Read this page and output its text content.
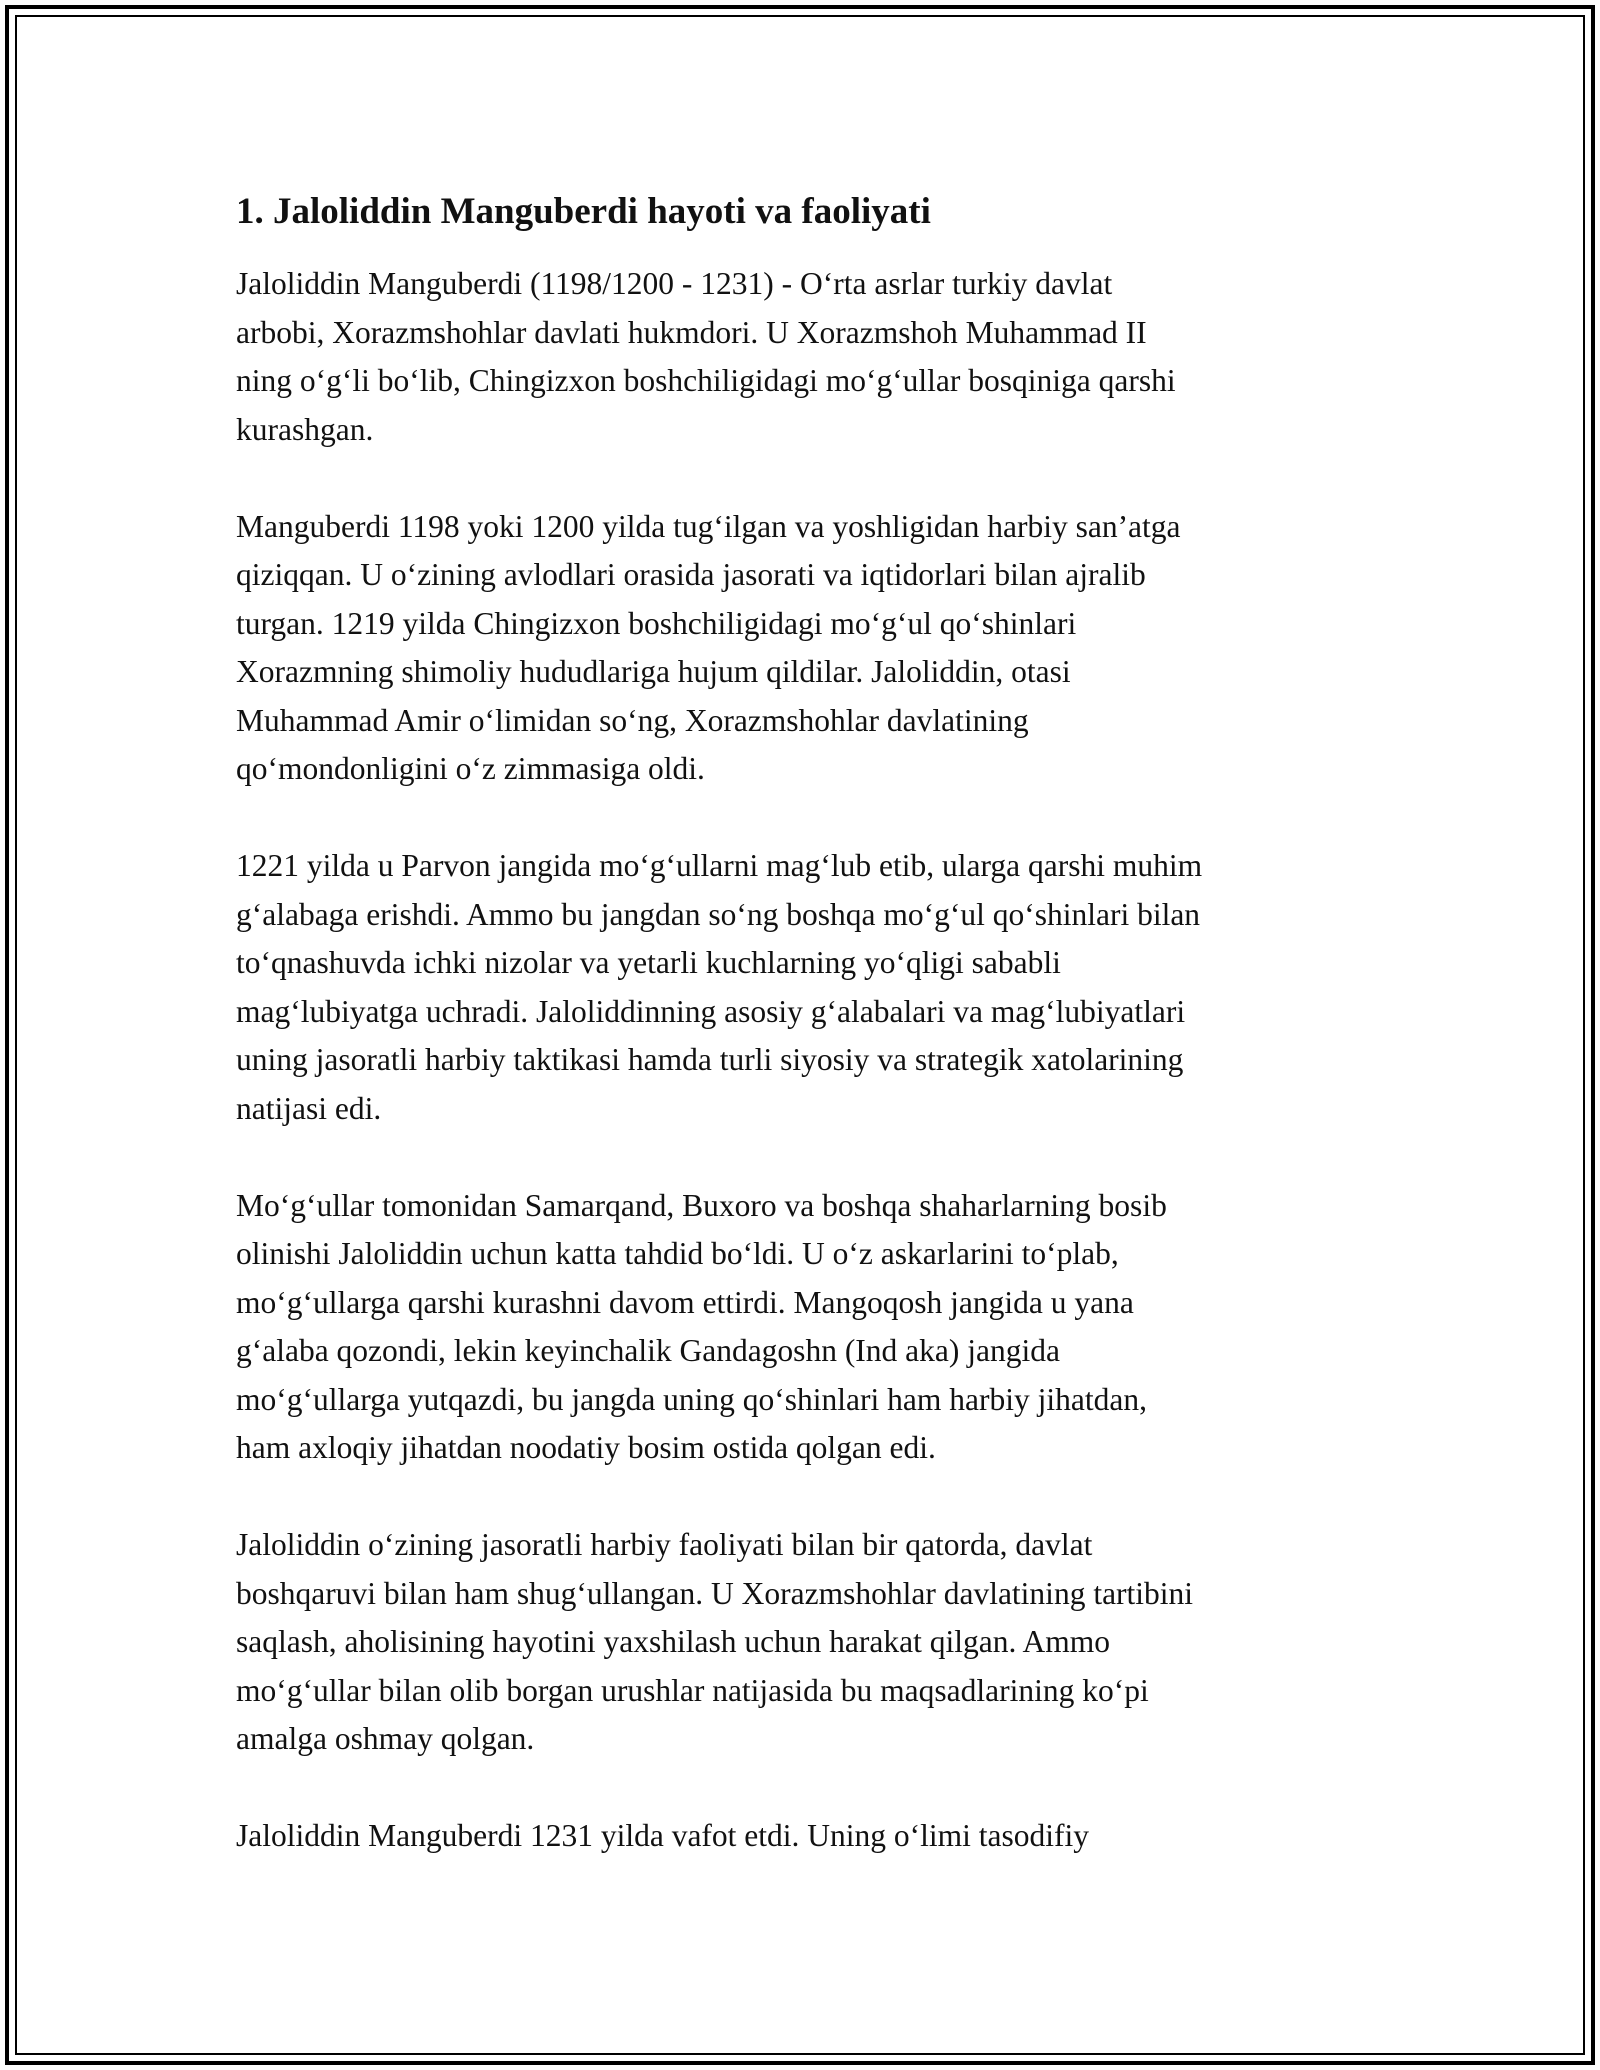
1. Jaloliddin Manguberdi hayoti va faoliyati

Jaloliddin Manguberdi (1198/1200 - 1231) - O‘rta asrlar turkiy davlat
arbobi, Xorazmshohlar davlati hukmdori. U Xorazmshoh Muhammad II
ning o‘g‘li bo‘lib, Chingizxon boshchiligidagi mo‘g‘ullar bosqiniga qarshi
kurashgan.

Manguberdi 1198 yoki 1200 yilda tug‘ilgan va yoshligidan harbiy san’atga
qiziqqan. U o‘zining avlodlari orasida jasorati va iqtidorlari bilan ajralib
turgan. 1219 yilda Chingizxon boshchiligidagi mo‘g‘ul qo‘shinlari
Xorazmning shimoliy hududlariga hujum qildilar. Jaloliddin, otasi
Muhammad Amir o‘limidan so‘ng, Xorazmshohlar davlatining
qo‘mondonligini o‘z zimmasiga oldi.

1221 yilda u Parvon jangida mo‘g‘ullarni mag‘lub etib, ularga qarshi muhim
g‘alabaga erishdi. Ammo bu jangdan so‘ng boshqa mo‘g‘ul qo‘shinlari bilan
to‘qnashuvda ichki nizolar va yetarli kuchlarning yo‘qligi sababli
mag‘lubiyatga uchradi. Jaloliddinning asosiy g‘alabalari va mag‘lubiyatlari
uning jasoratli harbiy taktikasi hamda turli siyosiy va strategik xatolarining
natijasi edi.

Mo‘g‘ullar tomonidan Samarqand, Buxoro va boshqa shaharlarning bosib
olinishi Jaloliddin uchun katta tahdid bo‘ldi. U o‘z askarlarini to‘plab,
mo‘g‘ullarga qarshi kurashni davom ettirdi. Mangoqosh jangida u yana
g‘alaba qozondi, lekin keyinchalik Gandagoshn (Ind aka) jangida
mo‘g‘ullarga yutqazdi, bu jangda uning qo‘shinlari ham harbiy jihatdan,
ham axloqiy jihatdan noodatiy bosim ostida qolgan edi.

Jaloliddin o‘zining jasoratli harbiy faoliyati bilan bir qatorda, davlat
boshqaruvi bilan ham shug‘ullangan. U Xorazmshohlar davlatining tartibini
saqlash, aholisining hayotini yaxshilash uchun harakat qilgan. Ammo
mo‘g‘ullar bilan olib borgan urushlar natijasida bu maqsadlarining ko‘pi
amalga oshmay qolgan.

Jaloliddin Manguberdi 1231 yilda vafot etdi. Uning o‘limi tasodifiy
